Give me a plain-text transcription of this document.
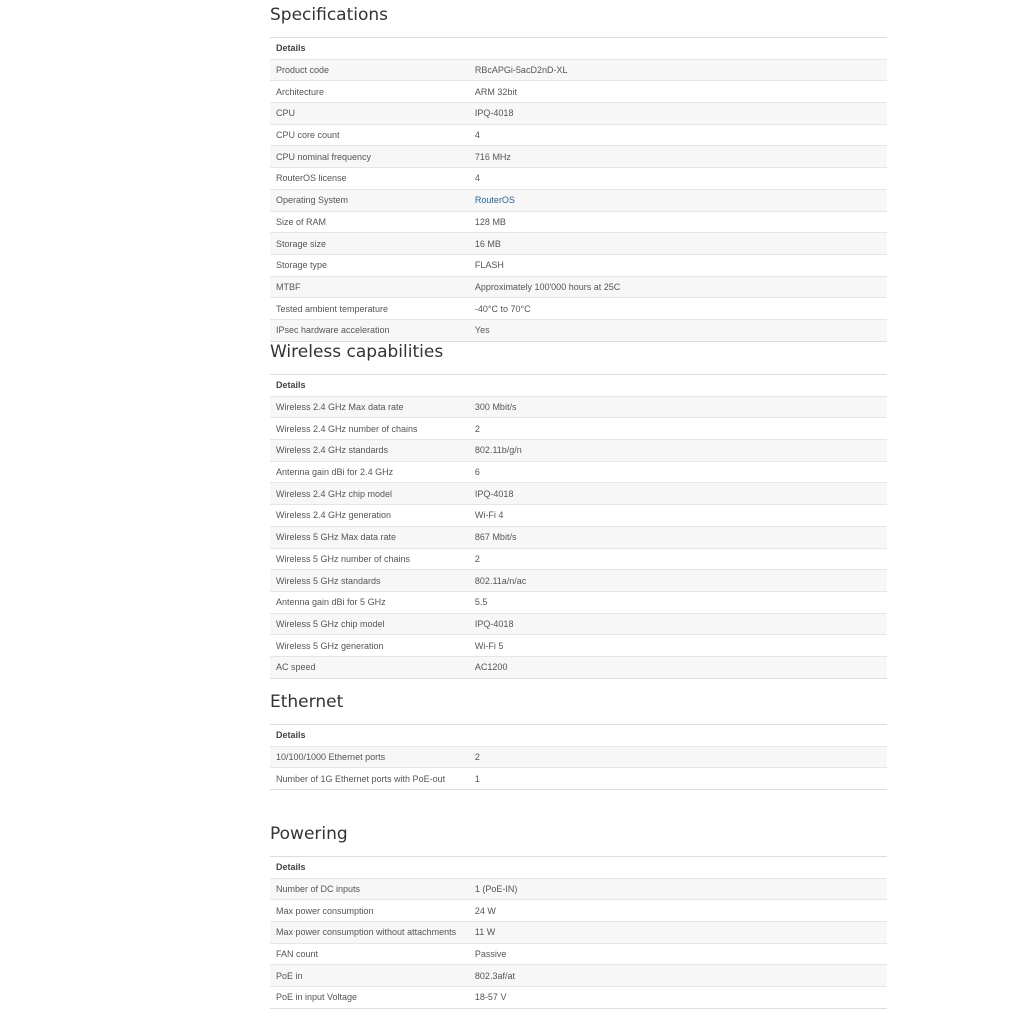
Specifications
Details	
Product code	RBcAPGi-5acD2nD-XL
Architecture	ARM 32bit
CPU	IPQ-4018
CPU core count	4
CPU nominal frequency	716 MHz
RouterOS license	4
Operating System	RouterOS
Size of RAM	128 MB
Storage size	16 MB
Storage type	FLASH
MTBF	Approximately 100'000 hours at 25C
Tested ambient temperature	-40°C to 70°C
IPsec hardware acceleration	Yes
Wireless capabilities
Details	
Wireless 2.4 GHz Max data rate	300 Mbit/s
Wireless 2.4 GHz number of chains	2
Wireless 2.4 GHz standards	802.11b/g/n
Antenna gain dBi for 2.4 GHz	6
Wireless 2.4 GHz chip model	IPQ-4018
Wireless 2.4 GHz generation	Wi-Fi 4
Wireless 5 GHz Max data rate	867 Mbit/s
Wireless 5 GHz number of chains	2
Wireless 5 GHz standards	802.11a/n/ac
Antenna gain dBi for 5 GHz	5.5
Wireless 5 GHz chip model	IPQ-4018
Wireless 5 GHz generation	Wi-Fi 5
AC speed	AC1200
Ethernet
Details	
10/100/1000 Ethernet ports	2
Number of 1G Ethernet ports with PoE-out	1
Powering
Details	
Number of DC inputs	1 (PoE-IN)
Max power consumption	24 W
Max power consumption without attachments	11 W
FAN count	Passive
PoE in	802.3af/at
PoE in input Voltage	18-57 V
